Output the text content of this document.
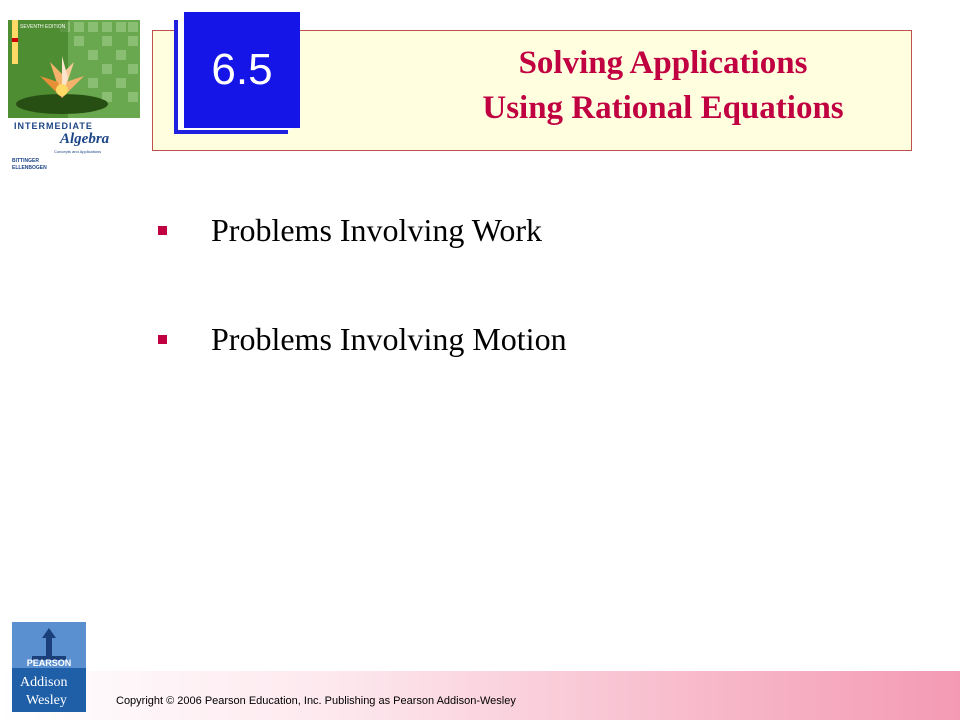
SEVENTH EDITION
INTERMEDIATE
Algebra
Concepts and Applications
BITTINGER
ELLENBOGEN
Solving Applications
Using Rational Equations
6.5
Problems Involving Work
Problems Involving Motion
Copyright © 2006 Pearson Education, Inc. Publishing as Pearson Addison-Wesley
PEARSON
Addison
Wesley
